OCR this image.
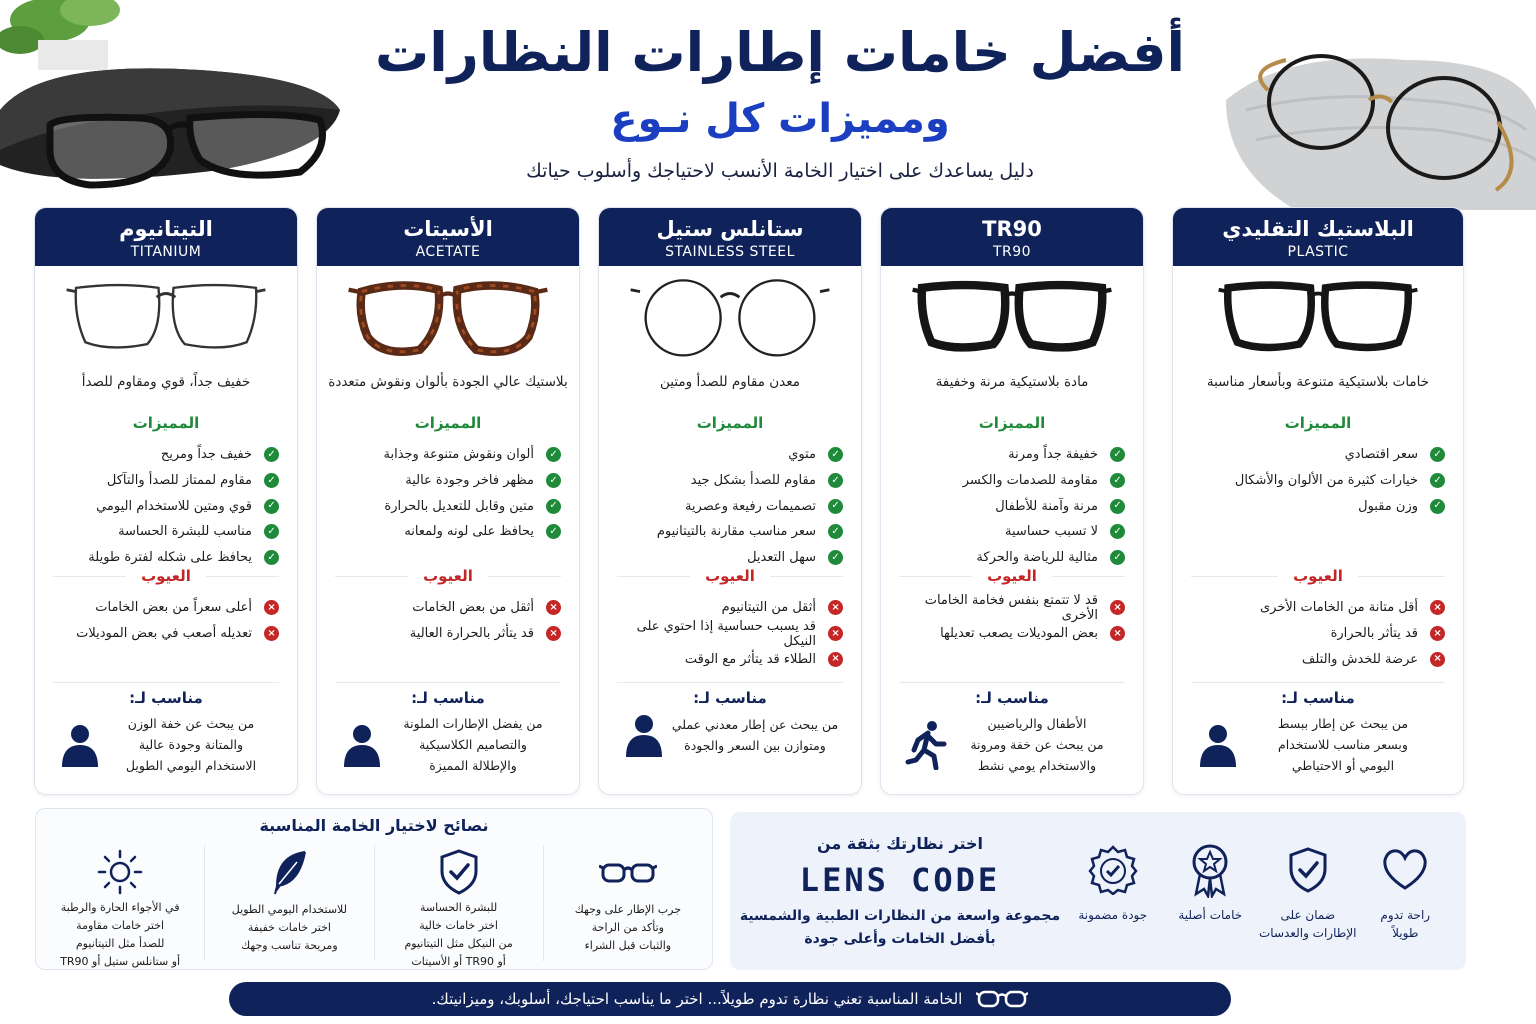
أفضل خامات إطارات النظارات
ومميزات كل نـوع
دليل يساعدك على اختيار الخامة الأنسب لاحتياجك وأسلوب حياتك
البلاستيك التقليدي
PLASTIC
خامات بلاستيكية متنوعة وبأسعار مناسبة
المميزات
✓
سعر اقتصادي
✓
خيارات كثيرة من الألوان والأشكال
✓
وزن مقبول
العيوب
×
أقل متانة من الخامات الأخرى
×
قد يتأثر بالحرارة
×
عرضة للخدش والتلف
مناسب لـ:
من يبحث عن إطار ببسط
وبسعر مناسب للاستخدام
اليومي أو الاحتياطي
TR90
TR90
مادة بلاستيكية مرنة وخفيفة
المميزات
✓
خفيفة جداً ومرنة
✓
مقاومة للصدمات والكسر
✓
مرنة وآمنة للأطفال
✓
لا تسبب حساسية
✓
مثالية للرياضة والحركة
العيوب
×
قد لا تتمتع بنفس فخامة الخامات الأخرى
×
بعض الموديلات يصعب تعديلها
مناسب لـ:
الأطفال والرياضيين
من يبحث عن خفة ومرونة
والاستخدام يومي نشط
ستانلس ستيل
STAINLESS STEEL
معدن مقاوم للصدأ ومتين
المميزات
✓
متوي
✓
مقاوم للصدأ بشكل جيد
✓
تصميمات رفيعة وعصرية
✓
سعر مناسب مقارنة بالتيتانيوم
✓
سهل التعديل
العيوب
×
أثقل من التيتانيوم
×
قد يسبب حساسية إذا احتوي على النيكل
×
الطلاء قد يتأثر مع الوقت
مناسب لـ:
من يبحث عن إطار معدني عملي
ومتوازن بين السعر والجودة
الأسيتات
ACETATE
بلاستيك عالي الجودة بألوان ونقوش متعددة
المميزات
✓
ألوان ونقوش متنوعة وجذابة
✓
مظهر فاخر وجودة عالية
✓
متين وقابل للتعديل بالحرارة
✓
يحافظ على لونه ولمعانه
العيوب
×
أثقل من بعض الخامات
×
قد يتأثر بالحرارة العالية
مناسب لـ:
من يفضل الإطارات الملونة
والتصاميم الكلاسيكية
والإطلالة المميزة
التيتانيوم
TITANIUM
خفيف جداً، قوي ومقاوم للصدأ
المميزات
✓
خفيف جداً ومريح
✓
مقاوم لممتاز للصدأ والتآكل
✓
قوي ومتين للاستخدام اليومي
✓
مناسب للبشرة الحساسة
✓
يحافظ على شكله لفترة طويلة
العيوب
×
أعلى سعراً من بعض الخامات
×
تعديله أصعب في بعض الموديلات
مناسب لـ:
من يبحث عن خفة الوزن
والمتانة وجودة عالية
الاستخدام اليومي الطويل
نصائح لاختيار الخامة المناسبة
جرب الإطار على وجهك
وتأكد من الراحة
والثبات قبل الشراء
للبشرة الحساسة
اختر خامات خالية
من النيكل مثل التيتانيوم
أو TR90 أو الأسيتات
للاستخدام اليومي الطويل
اختر خامات خفيفة
ومريحة تناسب وجهك
في الأجواء الحارة والرطبة
اختر خامات مقاومة
للصدأ مثل التيتانيوم
أو ستانلس ستيل أو TR90
اختر نظارتك بثقة من
LENS CODE
مجموعة واسعة من النظارات الطبية والشمسية
بأفضل الخامات وأعلى جودة
راحة تدوم
طويلاً
ضمان على
الإطارات والعدسات
خامات أصلية
جودة مضمونة
الخامة المناسبة تعني نظارة تدوم طويلاً... اختر ما يناسب احتياجك، أسلوبك، وميزانيتك.
